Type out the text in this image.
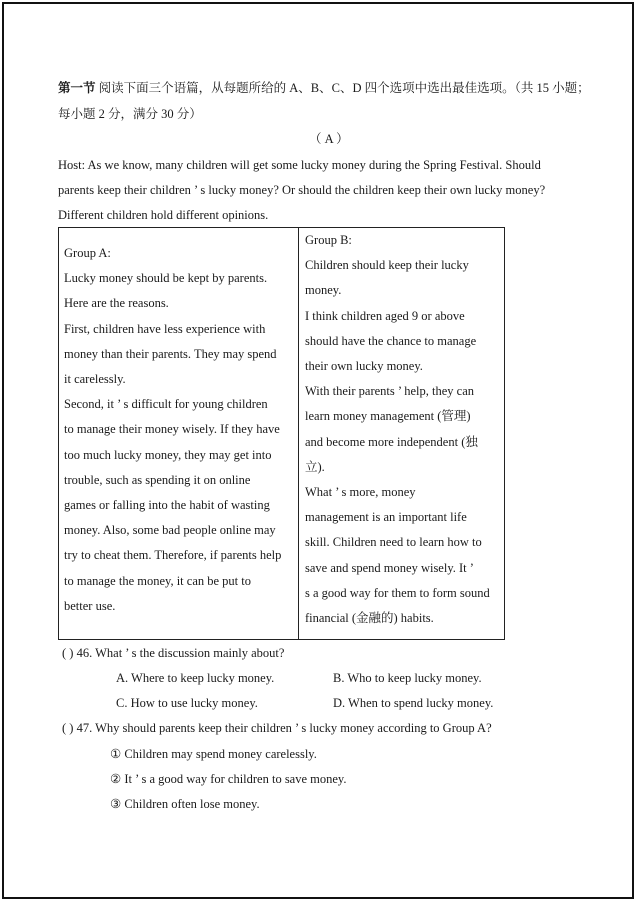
第一节 阅读下面三个语篇，从每题所给的 A、B、C、D 四个选项中选出最佳选项。（共 15 小题；
每小题 2 分，满分 30 分）
（ A ）
Host: As we know, many children will get some lucky money during the Spring Festival. Should
parents keep their children ’ s lucky money? Or should the children keep their own lucky money?
Different children hold different opinions.
Group A:
Lucky money should be kept by parents.
Here are the reasons.
First, children have less experience with
money than their parents. They may spend
it carelessly.
Second, it ’ s difficult for young children
to manage their money wisely. If they have
too much lucky money, they may get into
trouble, such as spending it on online
games or falling into the habit of wasting
money. Also, some bad people online may
try to cheat them. Therefore, if parents help
to manage the money, it can be put to
better use.
Group B:
Children should keep their lucky
money.
I think children aged 9 or above
should have the chance to manage
their own lucky money.
With their parents ’ help, they can
learn money management (管理)
and become more independent (独
立).
What ’ s more, money
management is an important life
skill. Children need to learn how to
save and spend money wisely. It ’
s a good way for them to form sound
financial (金融的) habits.
( ) 46. What ’ s the discussion mainly about?
A. Where to keep lucky money.	B. Who to keep lucky money.
C. How to use lucky money.	D. When to spend lucky money.
( ) 47. Why should parents keep their children ’ s lucky money according to Group A?
① Children may spend money carelessly.
② It ’ s a good way for children to save money.
③ Children often lose money.
